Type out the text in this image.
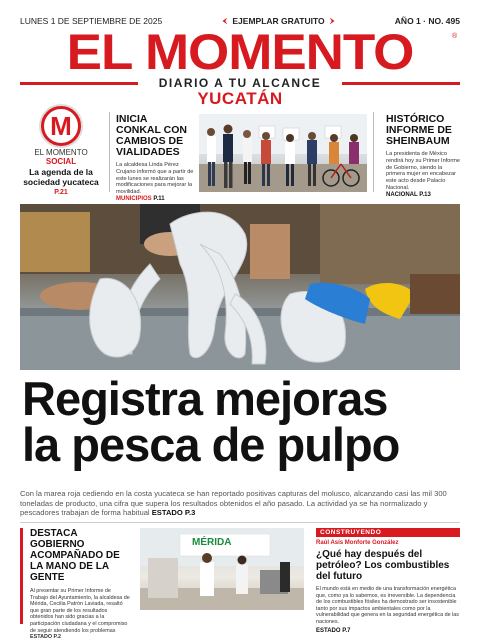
LUNES 1 DE SEPTIEMBRE DE 2025	EJEMPLAR GRATUITO	AÑO 1 · NO. 495
EL MOMENTO	®
DIARIO A TU ALCANCE
YUCATÁN
M
EL MOMENTO
SOCIAL
La agenda de la sociedad yucateca
P.21
INICIA CONKAL CON CAMBIOS DE VIALIDADES

La alcaldesa Linda Pérez Crujano informó que a partir de este lunes se realizarán las modificaciones para mejorar la movilidad.

MUNICIPIOS P.11
HISTÓRICO INFORME DE SHEINBAUM

La presidenta de México rendirá hoy su Primer Informe de Gobierno, siendo la primera mujer en encabezar este acto desde Palacio Nacional.

NACIONAL P.13
Registra mejoras
la pesca de pulpo
Con la marea roja cediendo en la costa yucateca se han reportado positivas capturas del molusco, alcanzando casi las mil 300 toneladas de producto, una cifra que supera los resultados obtenidos el año pasado. La actividad ya se ha normalizado y pescadores trabajan de forma habitual ESTADO P.3
DESTACA GOBIERNO ACOMPAÑADO DE LA MANO DE LA GENTE

Al presentar su Primer Informe de Trabajo del Ayuntamiento, la alcaldesa de Mérida, Cecilia Patrón Laviada, resaltó que gran parte de los resultados obtenidos han sido gracias a la participación ciudadana y el compromiso de seguir atendiendo los problemas ESTADO P.2

MÉRIDA
CONSTRUYENDO
Raúl Asís Monforte González
¿Qué hay después del petróleo? Los combustibles del futuro

El mundo está en medio de una transformación energética que, como ya lo sabemos, es irreversible. La dependencia de los combustibles fósiles ha demostrado ser insostenible tanto por sus impactos ambientales como por la vulnerabilidad que genera en la seguridad energética de las naciones.

ESTADO P.7
